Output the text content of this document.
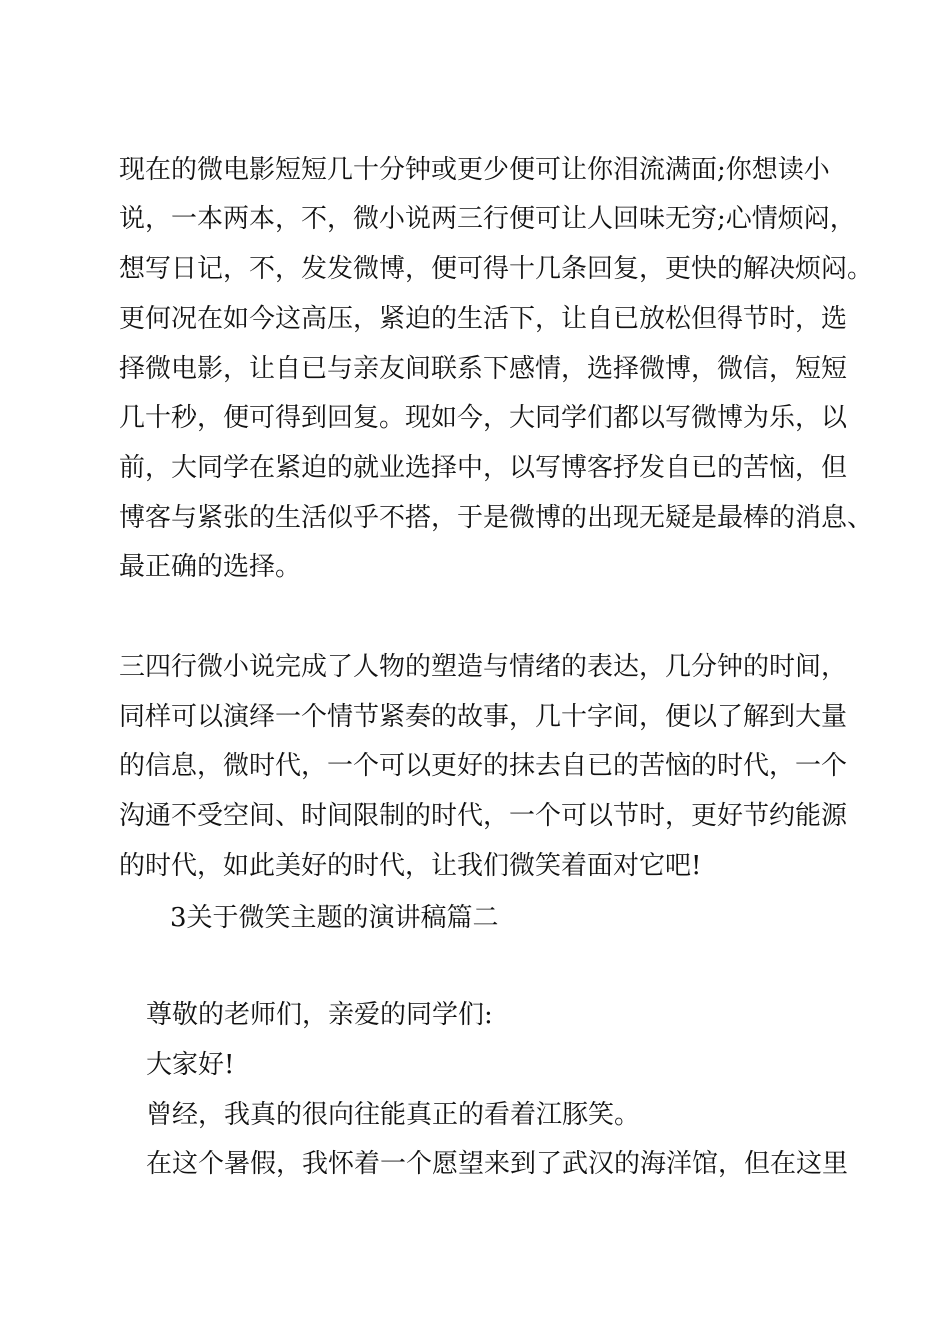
现在的微电影短短几十分钟或更少便可让你泪流满面;你想读小
说，一本两本，不，微小说两三行便可让人回味无穷;心情烦闷，
想写日记，不，发发微博，便可得十几条回复，更快的解决烦闷。
更何况在如今这高压，紧迫的生活下，让自已放松但得节时，选
择微电影，让自已与亲友间联系下感情，选择微博，微信，短短
几十秒，便可得到回复。现如今，大同学们都以写微博为乐，以
前，大同学在紧迫的就业选择中，以写博客抒发自已的苦恼，但
博客与紧张的生活似乎不搭，于是微博的出现无疑是最棒的消息、
最正确的选择。
三四行微小说完成了人物的塑造与情绪的表达，几分钟的时间，
同样可以演绎一个情节紧奏的故事，几十字间，便以了解到大量
的信息，微时代，一个可以更好的抹去自已的苦恼的时代，一个
沟通不受空间、时间限制的时代，一个可以节时，更好节约能源
的时代，如此美好的时代，让我们微笑着面对它吧!
3关于微笑主题的演讲稿篇二
尊敬的老师们，亲爱的同学们:
大家好!
曾经，我真的很向往能真正的看着江豚笑。
在这个暑假，我怀着一个愿望来到了武汉的海洋馆，但在这里
